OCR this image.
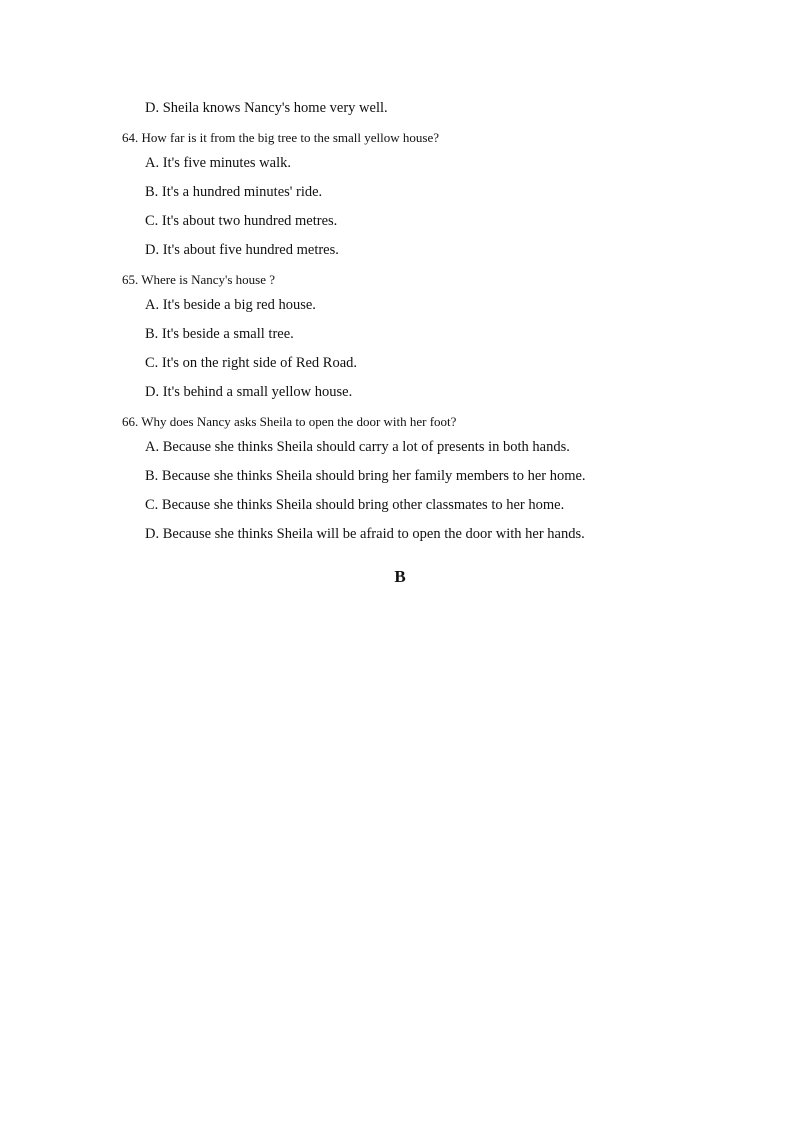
D. Sheila knows Nancy's home very well.
64. How far is it from the big tree to the small yellow house?
A. It's five minutes walk.
B. It's a hundred minutes' ride.
C. It's about two hundred metres.
D. It's about five hundred metres.
65. Where is Nancy's house ?
A. It's beside a big red house.
B. It's beside a small tree.
C. It's on the right side of Red Road.
D. It's behind a small yellow house.
66. Why does Nancy asks Sheila to open the door with her foot?
A. Because she thinks Sheila should carry a lot of presents in both hands.
B. Because she thinks Sheila should bring her family members to her home.
C. Because she thinks Sheila should bring other classmates to her home.
D. Because she thinks Sheila will be afraid to open the door with her hands.
B
